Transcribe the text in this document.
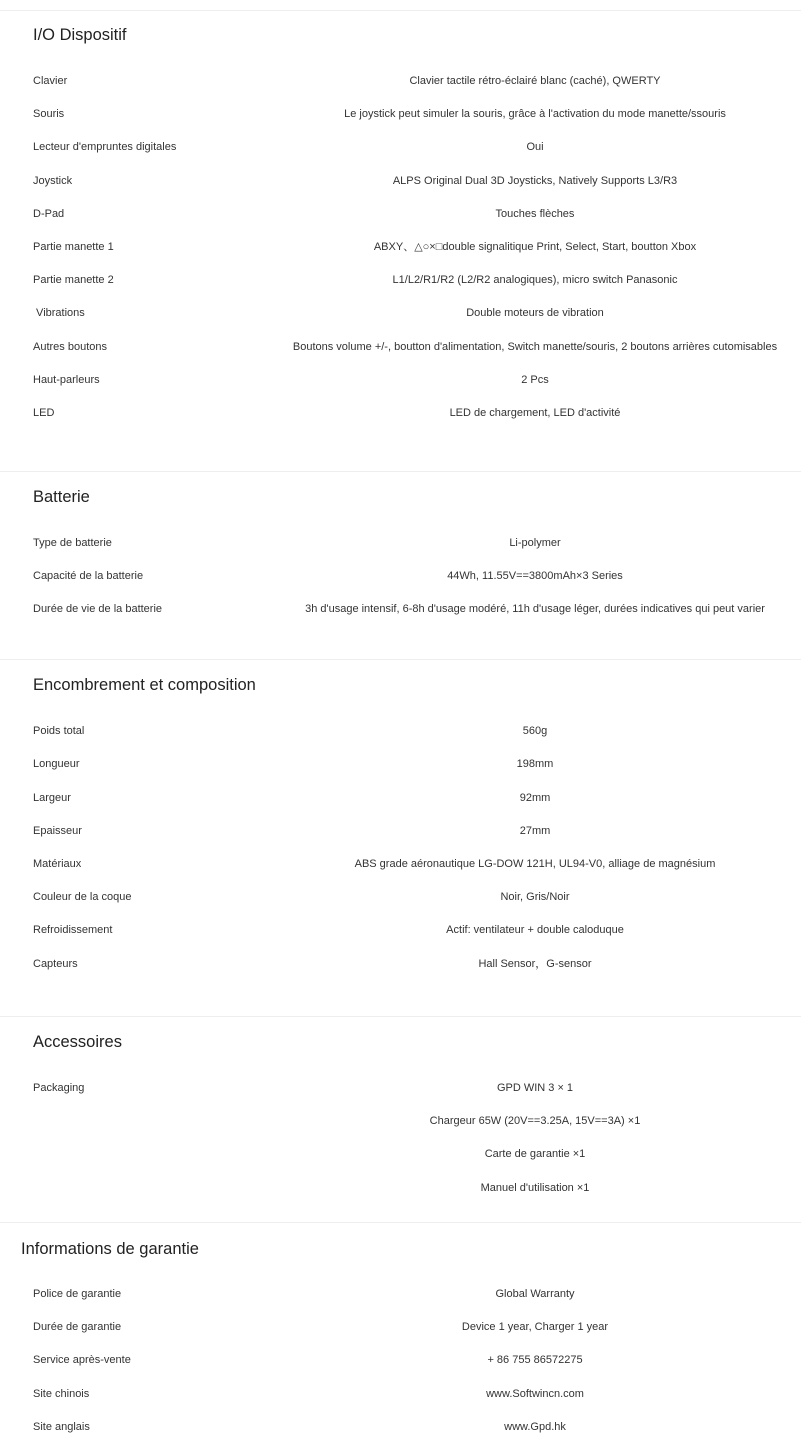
I/O Dispositif
Clavier	Clavier tactile rétro-éclairé blanc (caché), QWERTY
Souris	Le joystick peut simuler la souris, grâce à l'activation du mode manette/ssouris
Lecteur d'empruntes digitales	Oui
Joystick	ALPS Original Dual 3D Joysticks, Natively Supports L3/R3
D-Pad	Touches flèches
Partie manette 1	ABXY、△○×□double signalitique Print, Select, Start, boutton Xbox
Partie manette 2	L1/L2/R1/R2 (L2/R2 analogiques), micro switch Panasonic
Vibrations	Double moteurs de vibration
Autres boutons	Boutons volume +/-, boutton d'alimentation, Switch manette/souris, 2 boutons arrières cutomisables
Haut-parleurs	2 Pcs
LED	LED de chargement, LED d'activité
Batterie
Type de batterie	Li-polymer
Capacité de la batterie	44Wh, 11.55V==3800mAh×3 Series
Durée de vie de la batterie	3h d'usage intensif, 6-8h d'usage modéré, 11h d'usage léger, durées indicatives qui peut varier
Encombrement et composition
Poids total	560g
Longueur	198mm
Largeur	92mm
Epaisseur	27mm
Matériaux	ABS grade aéronautique LG-DOW 121H, UL94-V0, alliage de magnésium
Couleur de la coque	Noir, Gris/Noir
Refroidissement	Actif: ventilateur + double caloduque
Capteurs	Hall Sensor，G-sensor
Accessoires
Packaging	GPD WIN 3 × 1
Chargeur 65W (20V==3.25A, 15V==3A) ×1
Carte de garantie ×1
Manuel d'utilisation ×1
Informations de garantie
Police de garantie	Global Warranty
Durée de garantie	Device 1 year, Charger 1 year
Service après-vente	+ 86 755 86572275
Site chinois	www.Softwincn.com
Site anglais	www.Gpd.hk
